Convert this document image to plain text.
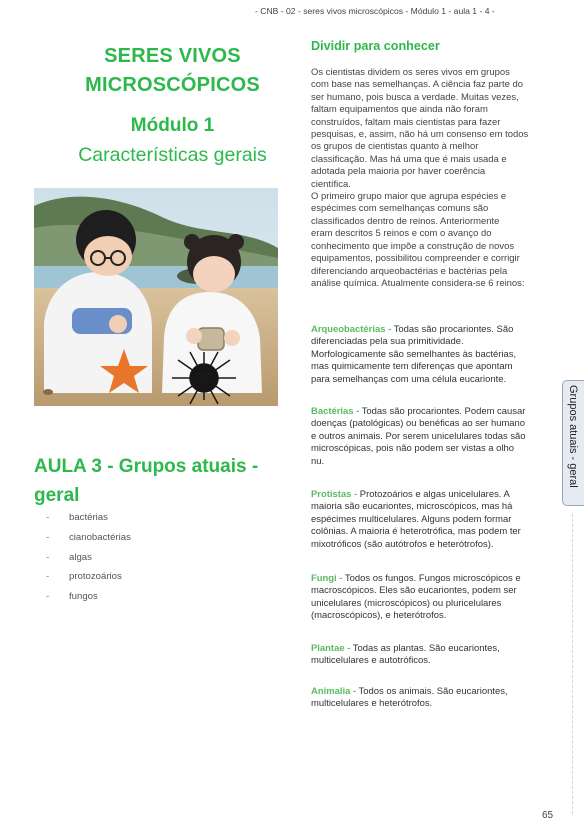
- CNB - 02 - seres vivos microscópicos - Módulo 1 - aula 1 - 4 -
SERES VIVOS
MICROSCÓPICOS
Módulo 1
Características gerais
AULA 3 - Grupos atuais -
geral
- bactérias
- cianobactérias
- algas
- protozoários
- fungos
Dividir para conhecer
Os cientistas dividem os seres vivos em grupos
com base nas semelhanças. A ciência faz parte do
ser humano, pois busca a verdade. Muitas vezes,
faltam equipamentos que ainda não foram
construídos, faltam mais cientistas para fazer
pesquisas, e, assim, não há um consenso em todos
os grupos de cientistas quanto à melhor
classificação. Mas há uma que é mais usada e
adotada pela maioria por haver coerência
científica.
O primeiro grupo maior que agrupa espécies e
espécimes com semelhanças comuns são
classificados dentro de reinos. Anteriormente
eram descritos 5 reinos e com o avanço do
conhecimento que impõe a construção de novos
equipamentos, possibilitou compreender e corrigir
diferenciando arqueobactérias e bactérias pela
análise química. Atualmente considera-se 6 reinos:
Arqueobactérias - Todas são procariontes. São
diferenciadas pela sua primitividade.
Morfologicamente são semelhantes às bactérias,
mas quimicamente tem diferenças que apontam
para semelhanças com uma célula eucarionte.
Bactérias - Todas são procariontes. Podem causar
doenças (patológicas) ou benéficas ao ser humano
e outros animais. Por serem unicelulares todas são
microscópicas, pois não podem ser vistas a olho
nu.
Protistas - Protozoários e algas unicelulares. A
maioria são eucariontes, microscópicos, mas há
espécimes multicelulares. Alguns podem formar
colônias. A maioria é heterotrófica, mas podem ter
mixotróficos (são autótrofos e heterótrofos).
Fungi - Todos os fungos. Fungos microscópicos e
macroscópicos. Eles são eucariontes, podem ser
unicelulares (microscópicos) ou pluricelulares
(macroscópicos), e heterótrofos.
Plantae - Todas as plantas. São eucariontes,
multicelulares e autotróficos.
Animalia - Todos os animais. São eucariontes,
multicelulares e heterótrofos.
Grupos atuais - geral
65
